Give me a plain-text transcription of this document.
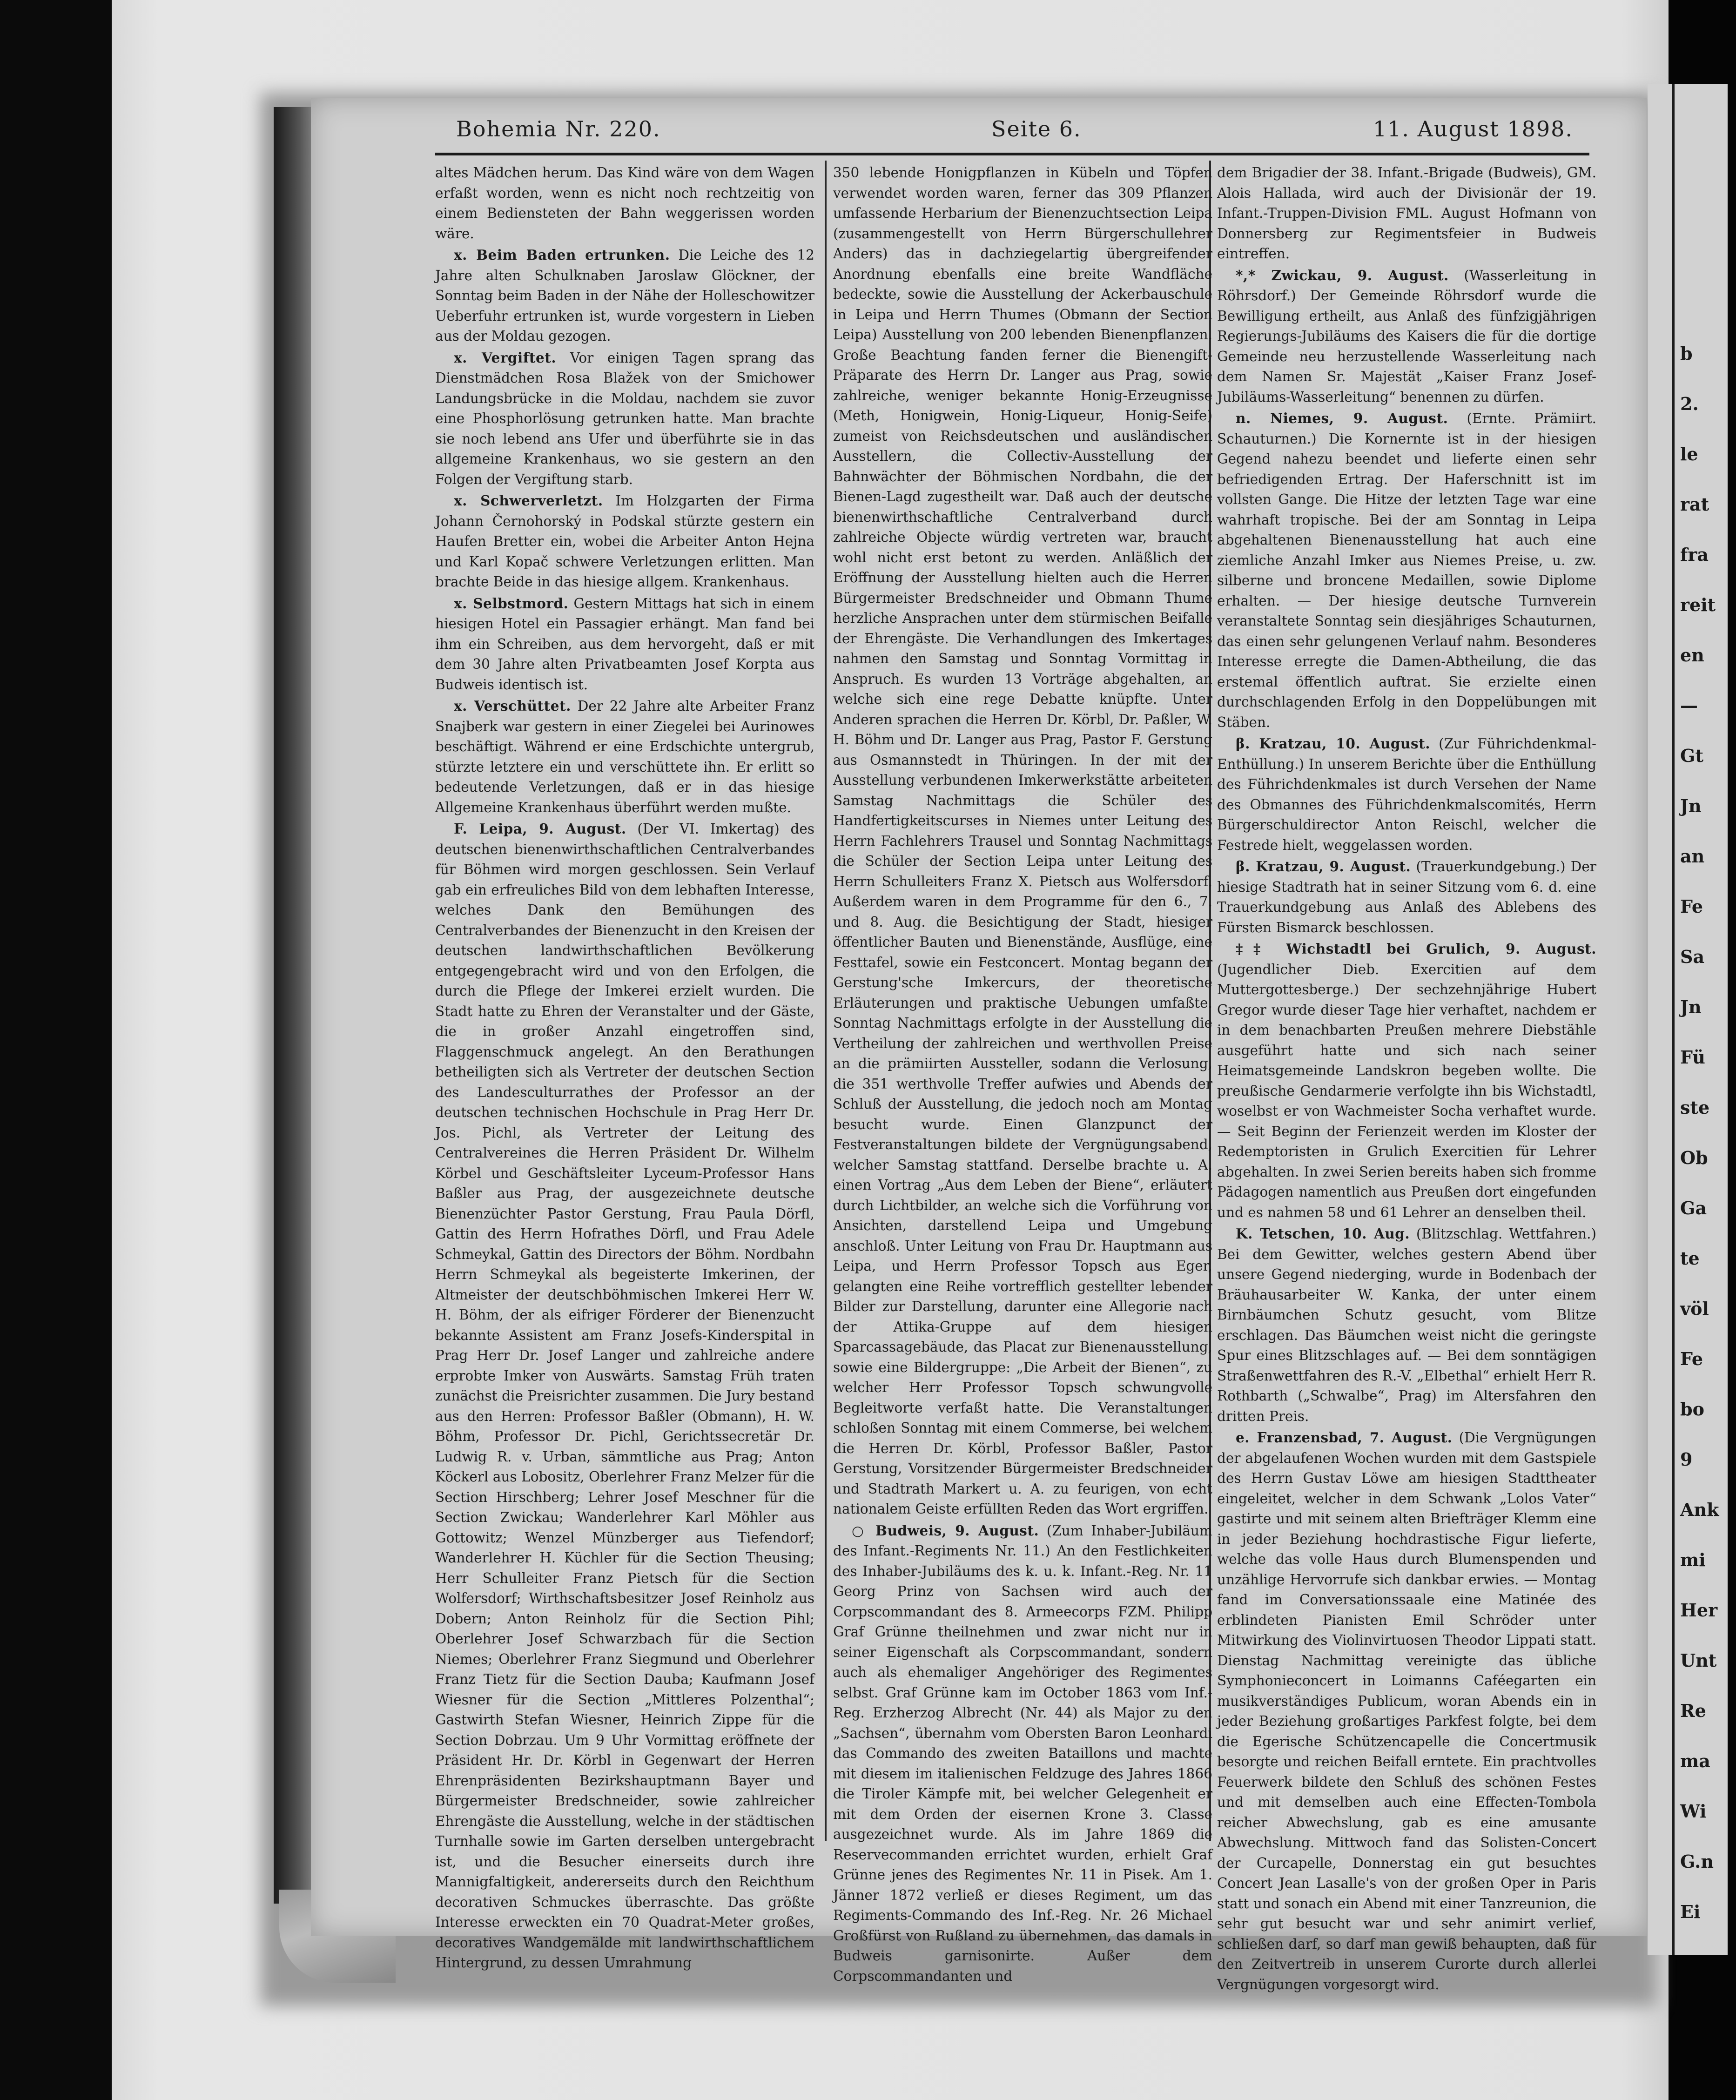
b
2.
le
rat
fra
reit
en
—
Gt
Jn
an
Fe
Sa
Jn
Fü
ste
Ob
Ga
te
völ
Fe
bo
9
Ank
mi
Her
Unt
Re
ma
Wi
G.n
Ei
Bohemia Nr. 220.	Seite 6.	11. August 1898.

altes Mädchen herum. Das Kind wäre von dem Wagen erfaßt worden, wenn es nicht noch rechtzeitig von einem Bediensteten der Bahn weggerissen worden wäre.

x. Beim Baden ertrunken. Die Leiche des 12 Jahre alten Schulknaben Jaroslaw Glöckner, der Sonntag beim Baden in der Nähe der Holleschowitzer Ueberfuhr ertrunken ist, wurde vorgestern in Lieben aus der Moldau gezogen.

x. Vergiftet. Vor einigen Tagen sprang das Dienstmädchen Rosa Blažek von der Smichower Landungsbrücke in die Moldau, nachdem sie zuvor eine Phosphorlösung getrunken hatte. Man brachte sie noch lebend ans Ufer und überführte sie in das allgemeine Krankenhaus, wo sie gestern an den Folgen der Vergiftung starb.

x. Schwerverletzt. Im Holzgarten der Firma Johann Černohorský in Podskal stürzte gestern ein Haufen Bretter ein, wobei die Arbeiter Anton Hejna und Karl Kopač schwere Verletzungen erlitten. Man brachte Beide in das hiesige allgem. Krankenhaus.

x. Selbstmord. Gestern Mittags hat sich in einem hiesigen Hotel ein Passagier erhängt. Man fand bei ihm ein Schreiben, aus dem hervorgeht, daß er mit dem 30 Jahre alten Privatbeamten Josef Korpta aus Budweis identisch ist.

x. Verschüttet. Der 22 Jahre alte Arbeiter Franz Snajberk war gestern in einer Ziegelei bei Aurinowes beschäftigt. Während er eine Erdschichte untergrub, stürzte letztere ein und verschüttete ihn. Er erlitt so bedeutende Verletzungen, daß er in das hiesige Allgemeine Krankenhaus überführt werden mußte.

F. Leipa, 9. August. (Der VI. Imkertag) des deutschen bienenwirthschaftlichen Centralverbandes für Böhmen wird morgen geschlossen. Sein Verlauf gab ein erfreuliches Bild von dem lebhaften Interesse, welches Dank den Bemühungen des Centralverbandes der Bienenzucht in den Kreisen der deutschen landwirthschaftlichen Bevölkerung entgegengebracht wird und von den Erfolgen, die durch die Pflege der Imkerei erzielt wurden. Die Stadt hatte zu Ehren der Veranstalter und der Gäste, die in großer Anzahl eingetroffen sind, Flaggenschmuck angelegt. An den Berathungen betheiligten sich als Vertreter der deutschen Section des Landesculturrathes der Professor an der deutschen technischen Hochschule in Prag Herr Dr. Jos. Pichl, als Vertreter der Leitung des Centralvereines die Herren Präsident Dr. Wilhelm Körbel und Geschäftsleiter Lyceum-Professor Hans Baßler aus Prag, der ausgezeichnete deutsche Bienenzüchter Pastor Gerstung, Frau Paula Dörfl, Gattin des Herrn Hofrathes Dörfl, und Frau Adele Schmeykal, Gattin des Directors der Böhm. Nordbahn Herrn Schmeykal als begeisterte Imkerinen, der Altmeister der deutschböhmischen Imkerei Herr W. H. Böhm, der als eifriger Förderer der Bienenzucht bekannte Assistent am Franz Josefs-Kinderspital in Prag Herr Dr. Josef Langer und zahlreiche andere erprobte Imker von Auswärts. Samstag Früh traten zunächst die Preisrichter zusammen. Die Jury bestand aus den Herren: Professor Baßler (Obmann), H. W. Böhm, Professor Dr. Pichl, Gerichtssecretär Dr. Ludwig R. v. Urban, sämmtliche aus Prag; Anton Köckerl aus Lobositz, Oberlehrer Franz Melzer für die Section Hirschberg; Lehrer Josef Meschner für die Section Zwickau; Wanderlehrer Karl Möhler aus Gottowitz; Wenzel Münzberger aus Tiefendorf; Wanderlehrer H. Küchler für die Section Theusing; Herr Schulleiter Franz Pietsch für die Section Wolfersdorf; Wirthschaftsbesitzer Josef Reinholz aus Dobern; Anton Reinholz für die Section Pihl; Oberlehrer Josef Schwarzbach für die Section Niemes; Oberlehrer Franz Siegmund und Oberlehrer Franz Tietz für die Section Dauba; Kaufmann Josef Wiesner für die Section „Mittleres Polzenthal“; Gastwirth Stefan Wiesner, Heinrich Zippe für die Section Dobrzau. Um 9 Uhr Vormittag eröffnete der Präsident Hr. Dr. Körbl in Gegenwart der Herren Ehrenpräsidenten Bezirkshauptmann Bayer und Bürgermeister Bredschneider, sowie zahlreicher Ehrengäste die Ausstellung, welche in der städtischen Turnhalle sowie im Garten derselben untergebracht ist, und die Besucher einerseits durch ihre Mannigfaltigkeit, andererseits durch den Reichthum decorativen Schmuckes überraschte. Das größte Interesse erweckten ein 70 Quadrat-Meter großes, decoratives Wandgemälde mit landwirthschaftlichem Hintergrund, zu dessen Umrahmung

350 lebende Honigpflanzen in Kübeln und Töpfen verwendet worden waren, ferner das 309 Pflanzen umfassende Herbarium der Bienenzuchtsection Leipa (zusammengestellt von Herrn Bürgerschullehrer Anders) das in dachziegelartig übergreifender Anordnung ebenfalls eine breite Wandfläche bedeckte, sowie die Ausstellung der Ackerbauschule in Leipa und Herrn Thumes (Obmann der Section Leipa) Ausstellung von 200 lebenden Bienenpflanzen. Große Beachtung fanden ferner die Bienengift-Präparate des Herrn Dr. Langer aus Prag, sowie zahlreiche, weniger bekannte Honig-Erzeugnisse (Meth, Honigwein, Honig-Liqueur, Honig-Seife) zumeist von Reichsdeutschen und ausländischen Ausstellern, die Collectiv-Ausstellung der Bahnwächter der Böhmischen Nordbahn, die der Bienen-Lagd zugestheilt war. Daß auch der deutsche bienenwirthschaftliche Centralverband durch zahlreiche Objecte würdig vertreten war, braucht wohl nicht erst betont zu werden. Anläßlich der Eröffnung der Ausstellung hielten auch die Herren Bürgermeister Bredschneider und Obmann Thume herzliche Ansprachen unter dem stürmischen Beifalle der Ehrengäste. Die Verhandlungen des Imkertages nahmen den Samstag und Sonntag Vormittag in Anspruch. Es wurden 13 Vorträge abgehalten, an welche sich eine rege Debatte knüpfte. Unter Anderen sprachen die Herren Dr. Körbl, Dr. Paßler, W. H. Böhm und Dr. Langer aus Prag, Pastor F. Gerstung aus Osmannstedt in Thüringen. In der mit der Ausstellung verbundenen Imkerwerkstätte arbeiteten Samstag Nachmittags die Schüler des Handfertigkeitscurses in Niemes unter Leitung des Herrn Fachlehrers Trausel und Sonntag Nachmittags die Schüler der Section Leipa unter Leitung des Herrn Schulleiters Franz X. Pietsch aus Wolfersdorf. Außerdem waren in dem Programme für den 6., 7. und 8. Aug. die Besichtigung der Stadt, hiesiger öffentlicher Bauten und Bienenstände, Ausflüge, eine Festtafel, sowie ein Festconcert. Montag begann der Gerstung'sche Imkercurs, der theoretische Erläuterungen und praktische Uebungen umfaßte. Sonntag Nachmittags erfolgte in der Ausstellung die Vertheilung der zahlreichen und werthvollen Preise an die prämiirten Aussteller, sodann die Verlosung, die 351 werthvolle Treffer aufwies und Abends der Schluß der Ausstellung, die jedoch noch am Montag besucht wurde. Einen Glanzpunct der Festveranstaltungen bildete der Vergnügungsabend, welcher Samstag stattfand. Derselbe brachte u. A. einen Vortrag „Aus dem Leben der Biene“, erläutert durch Lichtbilder, an welche sich die Vorführung von Ansichten, darstellend Leipa und Umgebung anschloß. Unter Leitung von Frau Dr. Hauptmann aus Leipa, und Herrn Professor Topsch aus Eger, gelangten eine Reihe vortrefflich gestellter lebender Bilder zur Darstellung, darunter eine Allegorie nach der Attika-Gruppe auf dem hiesigen Sparcassagebäude, das Placat zur Bienenausstellung, sowie eine Bildergruppe: „Die Arbeit der Bienen“, zu welcher Herr Professor Topsch schwungvolle Begleitworte verfaßt hatte. Die Veranstaltungen schloßen Sonntag mit einem Commerse, bei welchem die Herren Dr. Körbl, Professor Baßler, Pastor Gerstung, Vorsitzender Bürgermeister Bredschneider und Stadtrath Markert u. A. zu feurigen, von echt nationalem Geiste erfüllten Reden das Wort ergriffen.

○ Budweis, 9. August. (Zum Inhaber-Jubiläum des Infant.-Regiments Nr. 11.) An den Festlichkeiten des Inhaber-Jubiläums des k. u. k. Infant.-Reg. Nr. 11 Georg Prinz von Sachsen wird auch der Corpscommandant des 8. Armeecorps FZM. Philipp Graf Grünne theilnehmen und zwar nicht nur in seiner Eigenschaft als Corpscommandant, sondern auch als ehemaliger Angehöriger des Regimentes selbst. Graf Grünne kam im October 1863 vom Inf.-Reg. Erzherzog Albrecht (Nr. 44) als Major zu den „Sachsen“, übernahm vom Obersten Baron Leonhardi das Commando des zweiten Bataillons und machte mit diesem im italienischen Feldzuge des Jahres 1866 die Tiroler Kämpfe mit, bei welcher Gelegenheit er mit dem Orden der eisernen Krone 3. Classe ausgezeichnet wurde. Als im Jahre 1869 die Reservecommanden errichtet wurden, erhielt Graf Grünne jenes des Regimentes Nr. 11 in Pisek. Am 1. Jänner 1872 verließ er dieses Regiment, um das Regiments-Commando des Inf.-Reg. Nr. 26 Michael Großfürst von Rußland zu übernehmen, das damals in Budweis garnisonirte. Außer dem Corpscommandanten und

dem Brigadier der 38. Infant.-Brigade (Budweis), GM. Alois Hallada, wird auch der Divisionär der 19. Infant.-Truppen-Division FML. August Hofmann von Donnersberg zur Regimentsfeier in Budweis eintreffen.

*,* Zwickau, 9. August. (Wasserleitung in Röhrsdorf.) Der Gemeinde Röhrsdorf wurde die Bewilligung ertheilt, aus Anlaß des fünfzigjährigen Regierungs-Jubiläums des Kaisers die für die dortige Gemeinde neu herzustellende Wasserleitung nach dem Namen Sr. Majestät „Kaiser Franz Josef-Jubiläums-Wasserleitung“ benennen zu dürfen.

n. Niemes, 9. August. (Ernte. Prämiirt. Schauturnen.) Die Kornernte ist in der hiesigen Gegend nahezu beendet und lieferte einen sehr befriedigenden Ertrag. Der Haferschnitt ist im vollsten Gange. Die Hitze der letzten Tage war eine wahrhaft tropische. Bei der am Sonntag in Leipa abgehaltenen Bienenausstellung hat auch eine ziemliche Anzahl Imker aus Niemes Preise, u. zw. silberne und broncene Medaillen, sowie Diplome erhalten. — Der hiesige deutsche Turnverein veranstaltete Sonntag sein diesjähriges Schauturnen, das einen sehr gelungenen Verlauf nahm. Besonderes Interesse erregte die Damen-Abtheilung, die das erstemal öffentlich auftrat. Sie erzielte einen durchschlagenden Erfolg in den Doppelübungen mit Stäben.

β. Kratzau, 10. August. (Zur Führichdenkmal-Enthüllung.) In unserem Berichte über die Enthüllung des Führichdenkmales ist durch Versehen der Name des Obmannes des Führichdenkmalscomités, Herrn Bürgerschuldirector Anton Reischl, welcher die Festrede hielt, weggelassen worden.

β. Kratzau, 9. August. (Trauerkundgebung.) Der hiesige Stadtrath hat in seiner Sitzung vom 6. d. eine Trauerkundgebung aus Anlaß des Ablebens des Fürsten Bismarck beschlossen.

‡‡ Wichstadtl bei Grulich, 9. August. (Jugendlicher Dieb. Exercitien auf dem Muttergottesberge.) Der sechzehnjährige Hubert Gregor wurde dieser Tage hier verhaftet, nachdem er in dem benachbarten Preußen mehrere Diebstähle ausgeführt hatte und sich nach seiner Heimatsgemeinde Landskron begeben wollte. Die preußische Gendarmerie verfolgte ihn bis Wichstadtl, woselbst er von Wachmeister Socha verhaftet wurde. — Seit Beginn der Ferienzeit werden im Kloster der Redemptoristen in Grulich Exercitien für Lehrer abgehalten. In zwei Serien bereits haben sich fromme Pädagogen namentlich aus Preußen dort eingefunden und es nahmen 58 und 61 Lehrer an denselben theil.

K. Tetschen, 10. Aug. (Blitzschlag. Wettfahren.) Bei dem Gewitter, welches gestern Abend über unsere Gegend niederging, wurde in Bodenbach der Bräuhausarbeiter W. Kanka, der unter einem Birnbäumchen Schutz gesucht, vom Blitze erschlagen. Das Bäumchen weist nicht die geringste Spur eines Blitzschlages auf. — Bei dem sonntägigen Straßenwettfahren des R.-V. „Elbethal“ erhielt Herr R. Rothbarth („Schwalbe“, Prag) im Altersfahren den dritten Preis.

e. Franzensbad, 7. August. (Die Vergnügungen der abgelaufenen Wochen wurden mit dem Gastspiele des Herrn Gustav Löwe am hiesigen Stadttheater eingeleitet, welcher in dem Schwank „Lolos Vater“ gastirte und mit seinem alten Briefträger Klemm eine in jeder Beziehung hochdrastische Figur lieferte, welche das volle Haus durch Blumenspenden und unzählige Hervorrufe sich dankbar erwies. — Montag fand im Conversationssaale eine Matinée des erblindeten Pianisten Emil Schröder unter Mitwirkung des Violinvirtuosen Theodor Lippati statt. Dienstag Nachmittag vereinigte das übliche Symphonieconcert in Loimanns Caféegarten ein musikverständiges Publicum, woran Abends ein in jeder Beziehung großartiges Parkfest folgte, bei dem die Egerische Schützencapelle die Concertmusik besorgte und reichen Beifall erntete. Ein prachtvolles Feuerwerk bildete den Schluß des schönen Festes und mit demselben auch eine Effecten-Tombola reicher Abwechslung, gab es eine amusante Abwechslung. Mittwoch fand das Solisten-Concert der Curcapelle, Donnerstag ein gut besuchtes Concert Jean Lasalle's von der großen Oper in Paris statt und sonach ein Abend mit einer Tanzreunion, die sehr gut besucht war und sehr animirt verlief, schließen darf, so darf man gewiß behaupten, daß für den Zeitvertreib in unserem Curorte durch allerlei Vergnügungen vorgesorgt wird.
